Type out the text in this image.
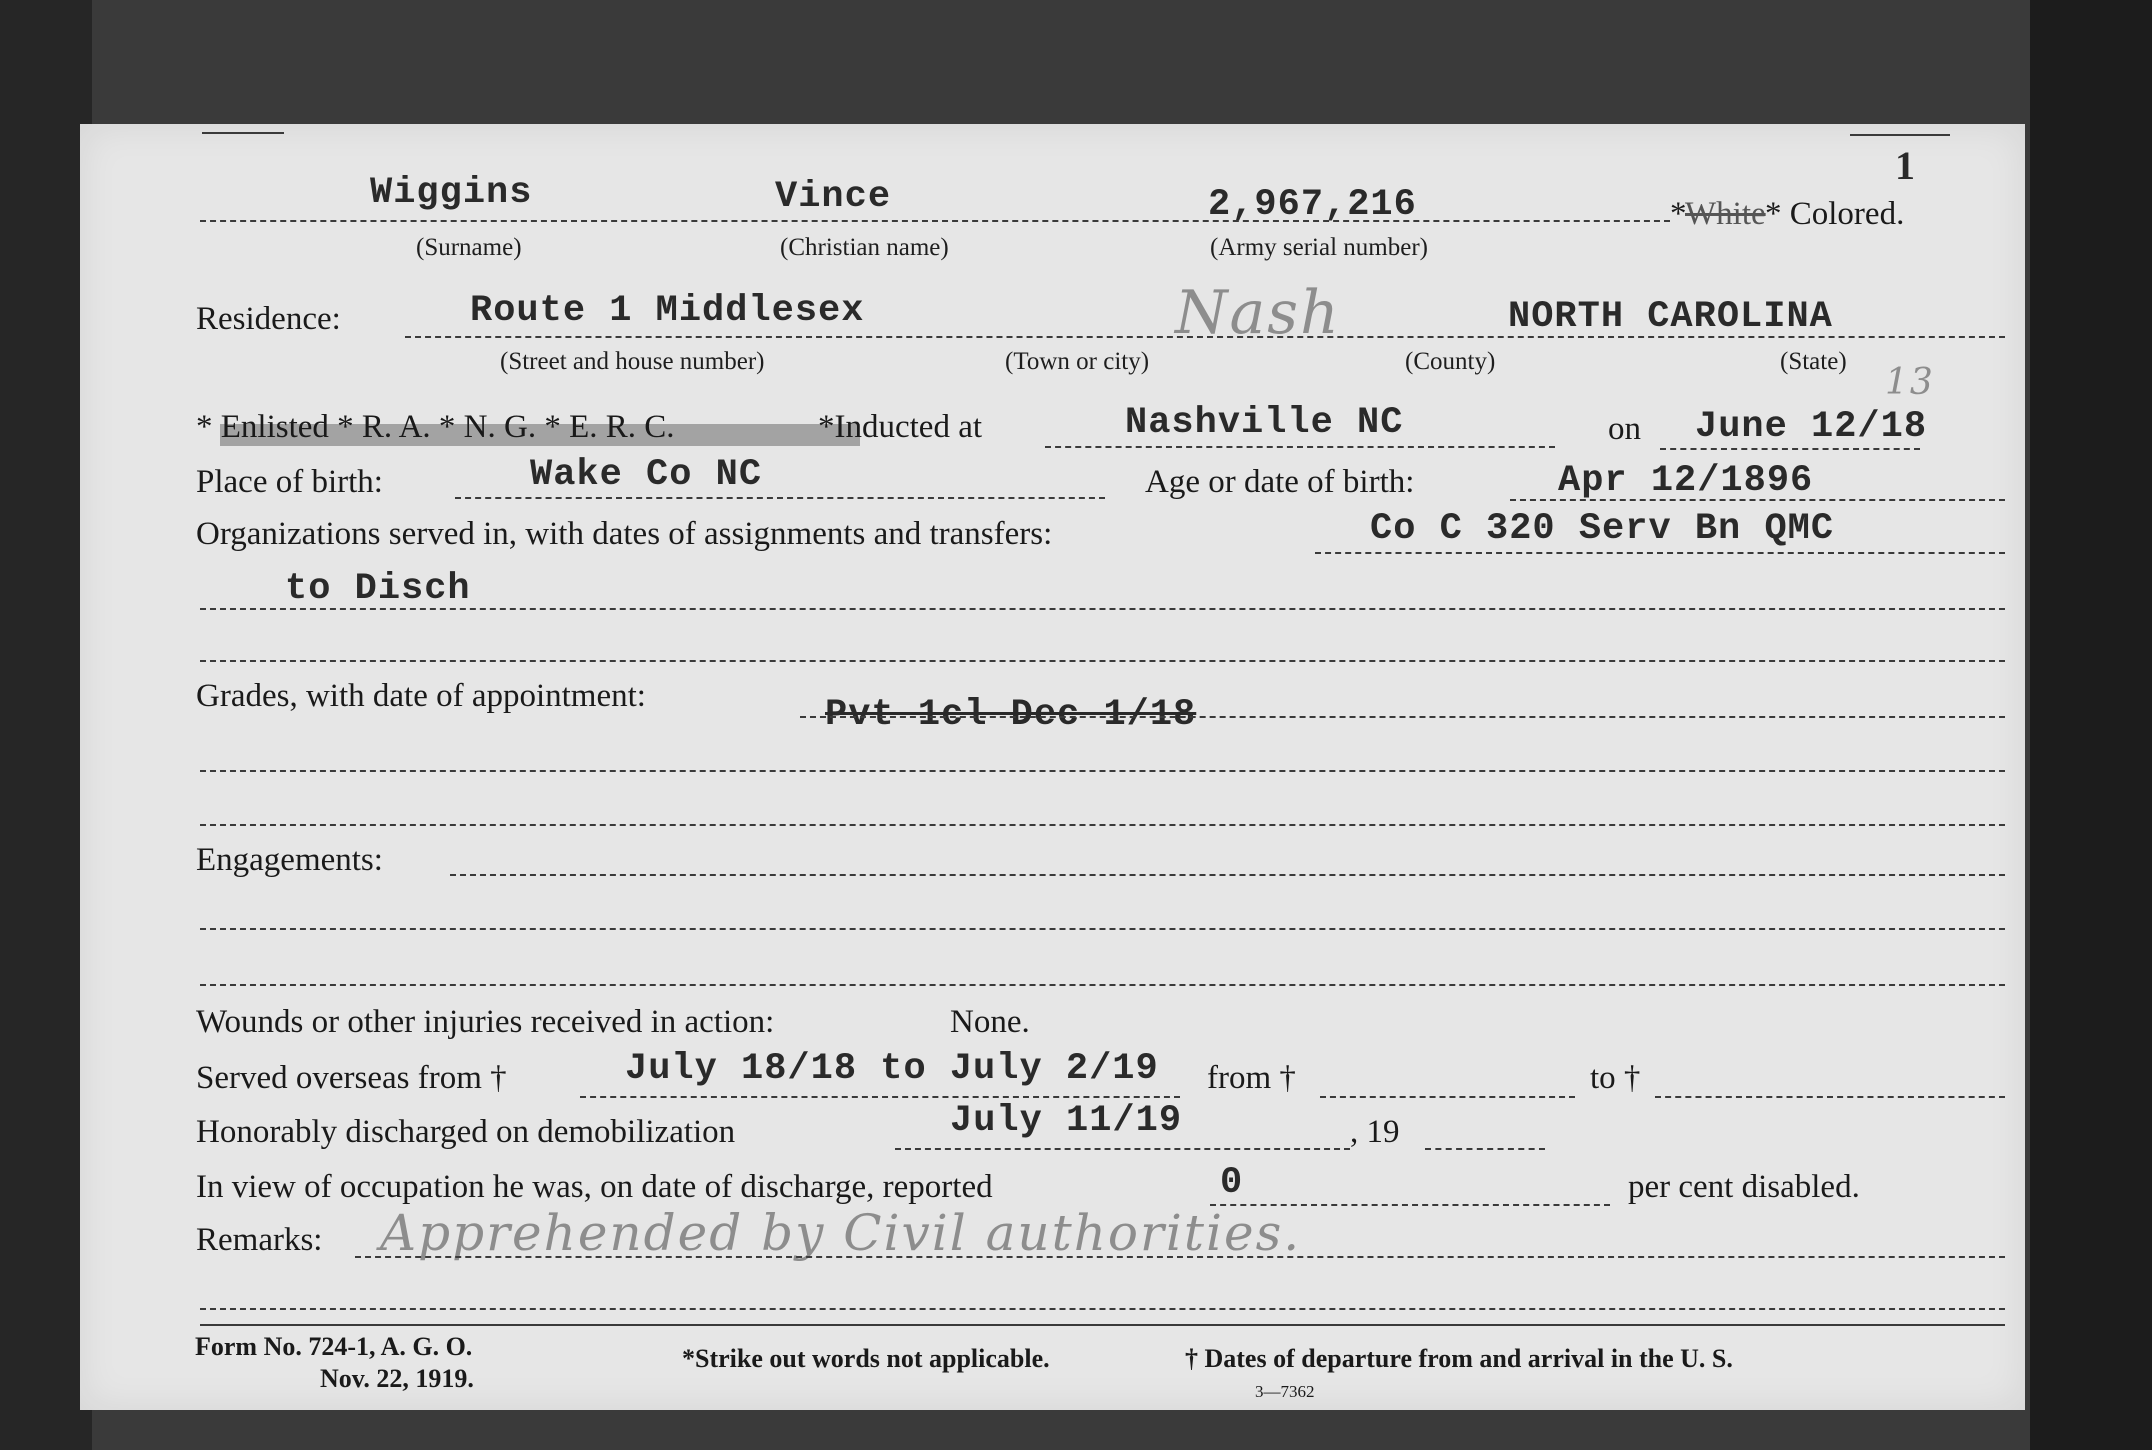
1
Wiggins	Vince	2,967,216	*
White * Colored.
(Surname)	(Christian name)	(Army serial number)
Residence:	Route 1 Middlesex	Nash	NORTH CAROLINA
(Street and house number)	(Town or city)	(County)	(State)
* Enlisted * R. A. * N. G. * E. R. C.	*Inducted at	Nashville NC	on June 12/18
13
Place of birth:	Wake Co NC	Age or date of birth:	Apr 12/1896
Organizations served in, with dates of assignments and transfers:	Co C 320 Serv Bn QMC
to Disch
Grades, with date of appointment:	Pvt 1cl Dec 1/18
Engagements:
Wounds or other injuries received in action:	None.
Served overseas from †	July 18/18 to July 2/19 from †	to †
Honorably discharged on demobilization	July 11/19	, 19
In view of occupation he was, on date of discharge, reported	0	per cent disabled.
Remarks: Apprehended by Civil authorities.
Form No. 724-1, A. G. O.
Nov. 22, 1919.
*Strike out words not applicable.	† Dates of departure from and arrival in the U. S.
3—7362
